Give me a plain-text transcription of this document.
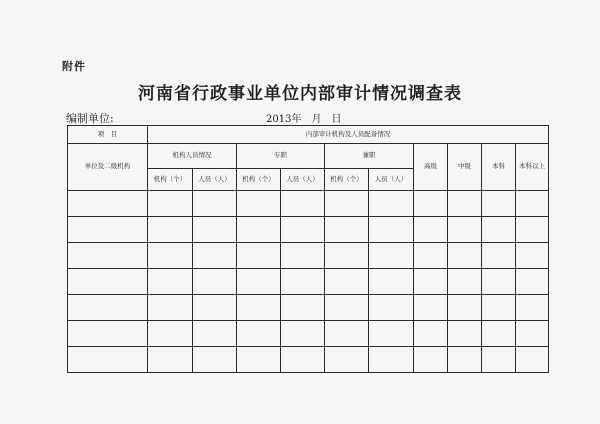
附件
河南省行政事业单位内部审计情况调查表
编制单位:	2013年　月　日
项　目	内部审计机构及人员配备情况									
单位及二级机构	机构人员情况		专职		兼职		高级	中级	本科	本科以上
	机构（个）	人员（人）	机构（个）	人员（人）	机构（个）	人员（人）				
